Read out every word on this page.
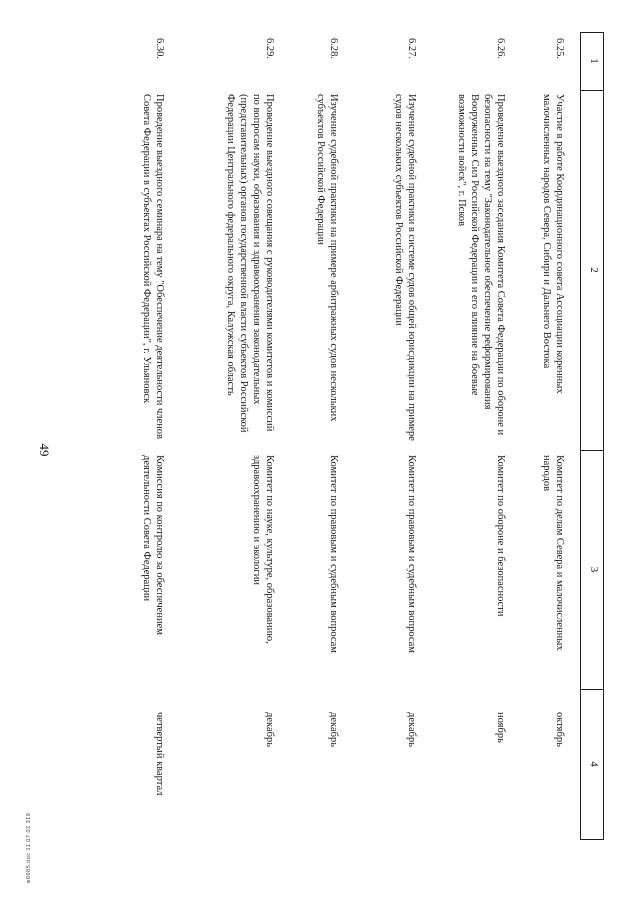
49
ж6085.doc 11.07.02 319
1
2
3
4
6.25.
Участие в работе Координационного совета Ассоциации коренных малочисленных народов Севера, Сибири и Дальнего Востока
Комитет по делам Севера и малочисленных народов
октябрь
6.26.
Проведение выездного заседания Комитета Совета Федерации по обороне и безопасности на тему "Законодательное обеспечение реформирования Вооруженных Сил Российской Федерации и его влияние на боевые возможности войск", г. Псков
Комитет по обороне и безопасности
ноябрь
6.27.
Изучение судебной практики в системе судов общей юрисдикции на примере судов нескольких субъектов Российской Федерации
Комитет по правовым и судебным вопросам
декабрь
6.28.
Изучение судебной практики на примере арбитражных судов нескольких субъектов Российской Федерации
Комитет по правовым и судебным вопросам
декабрь
6.29.
Проведение выездного совещания с руководителями комитетов и комиссий по вопросам науки, образования и здравоохранения законодательных (представительных) органов государственной власти субъектов Российской Федерации Центрального федерального округа, Калужская область
Комитет по науке, культуре, образованию, здравоохранению и экологии
декабрь
6.30.
Проведение выездного семинара на тему "Обеспечение деятельности членов Совета Федерации в субъектах Российской Федерации", г. Ульяновск
Комиссия по контролю за обеспечением деятельности Совета Федерации
четвертый квартал
